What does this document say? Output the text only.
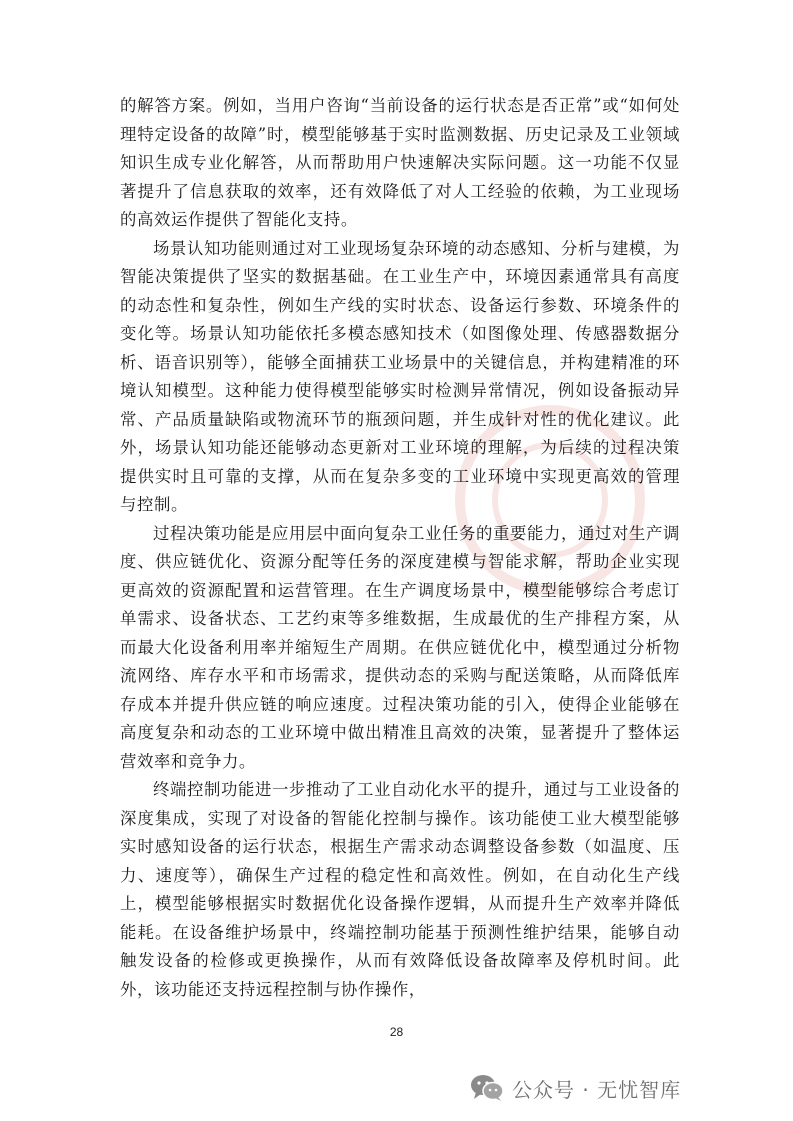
的解答方案。例如，当用户咨询“当前设备的运行状态是否正常”或“如何处理特定设备的故障”时，模型能够基于实时监测数据、历史记录及工业领域知识生成专业化解答，从而帮助用户快速解决实际问题。这一功能不仅显著提升了信息获取的效率，还有效降低了对人工经验的依赖，为工业现场的高效运作提供了智能化支持。

场景认知功能则通过对工业现场复杂环境的动态感知、分析与建模，为智能决策提供了坚实的数据基础。在工业生产中，环境因素通常具有高度的动态性和复杂性，例如生产线的实时状态、设备运行参数、环境条件的变化等。场景认知功能依托多模态感知技术（如图像处理、传感器数据分析、语音识别等），能够全面捕获工业场景中的关键信息，并构建精准的环境认知模型。这种能力使得模型能够实时检测异常情况，例如设备振动异常、产品质量缺陷或物流环节的瓶颈问题，并生成针对性的优化建议。此外，场景认知功能还能够动态更新对工业环境的理解，为后续的过程决策提供实时且可靠的支撑，从而在复杂多变的工业环境中实现更高效的管理与控制。

过程决策功能是应用层中面向复杂工业任务的重要能力，通过对生产调度、供应链优化、资源分配等任务的深度建模与智能求解，帮助企业实现更高效的资源配置和运营管理。在生产调度场景中，模型能够综合考虑订单需求、设备状态、工艺约束等多维数据，生成最优的生产排程方案，从而最大化设备利用率并缩短生产周期。在供应链优化中，模型通过分析物流网络、库存水平和市场需求，提供动态的采购与配送策略，从而降低库存成本并提升供应链的响应速度。过程决策功能的引入，使得企业能够在高度复杂和动态的工业环境中做出精准且高效的决策，显著提升了整体运营效率和竞争力。

终端控制功能进一步推动了工业自动化水平的提升，通过与工业设备的深度集成，实现了对设备的智能化控制与操作。该功能使工业大模型能够实时感知设备的运行状态，根据生产需求动态调整设备参数（如温度、压力、速度等），确保生产过程的稳定性和高效性。例如，在自动化生产线上，模型能够根据实时数据优化设备操作逻辑，从而提升生产效率并降低能耗。在设备维护场景中，终端控制功能基于预测性维护结果，能够自动触发设备的检修或更换操作，从而有效降低设备故障率及停机时间。此外，该功能还支持远程控制与协作操作，

28
公众号 · 无忧智库
